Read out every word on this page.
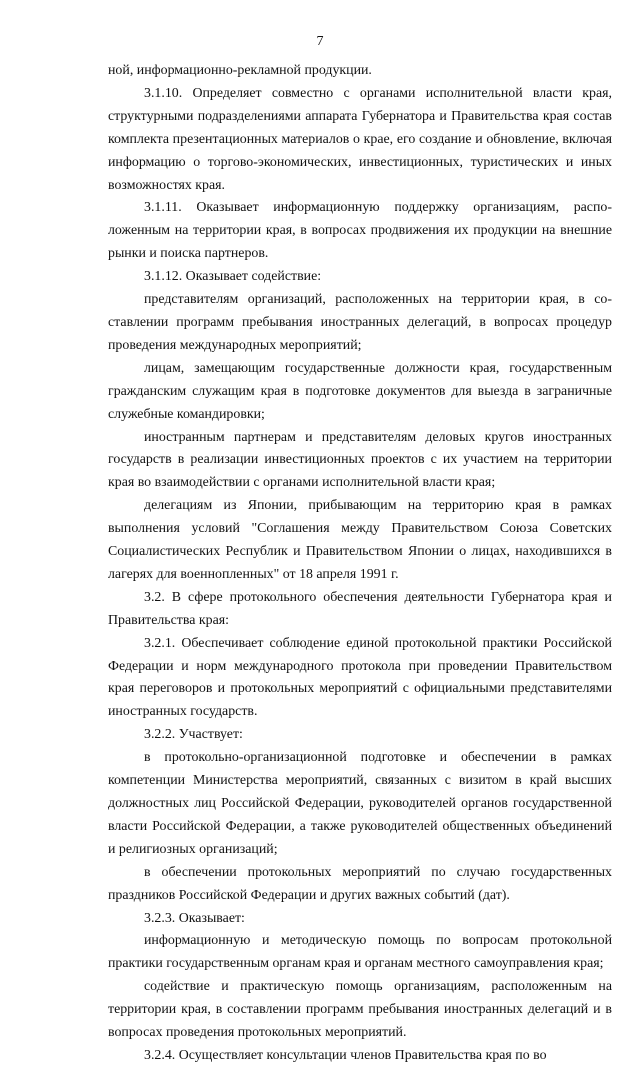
7

ной, информационно-рекламной продукции.

3.1.10. Определяет совместно с органами исполнительной власти края, структурными подразделениями аппарата Губернатора и Правительства края состав комплекта презентационных материалов о крае, его создание и обновление, включая информацию о торгово-экономических, инвестиционных, туристических и иных возможностях края.

3.1.11. Оказывает информационную поддержку организациям, расположенным на территории края, в вопросах продвижения их продукции на внешние рынки и поиска партнеров.

3.1.12. Оказывает содействие:

представителям организаций, расположенных на территории края, в составлении программ пребывания иностранных делегаций, в вопросах процедур проведения международных мероприятий;

лицам, замещающим государственные должности края, государственным гражданским служащим края в подготовке документов для выезда в заграничные служебные командировки;

иностранным партнерам и представителям деловых кругов иностранных государств в реализации инвестиционных проектов с их участием на территории края во взаимодействии с органами исполнительной власти края;

делегациям из Японии, прибывающим на территорию края в рамках выполнения условий "Соглашения между Правительством Союза Советских Социалистических Республик и Правительством Японии о лицах, находившихся в лагерях для военнопленных" от 18 апреля 1991 г.

3.2. В сфере протокольного обеспечения деятельности Губернатора края и Правительства края:

3.2.1. Обеспечивает соблюдение единой протокольной практики Российской Федерации и норм международного протокола при проведении Правительством края переговоров и протокольных мероприятий с официальными представителями иностранных государств.

3.2.2. Участвует:

в протокольно-организационной подготовке и обеспечении в рамках компетенции Министерства мероприятий, связанных с визитом в край высших должностных лиц Российской Федерации, руководителей органов государственной власти Российской Федерации, а также руководителей общественных объединений и религиозных организаций;

в обеспечении протокольных мероприятий по случаю государственных праздников Российской Федерации и других важных событий (дат).

3.2.3. Оказывает:

информационную и методическую помощь по вопросам протокольной практики государственным органам края и органам местного самоуправления края;

содействие и практическую помощь организациям, расположенным на территории края, в составлении программ пребывания иностранных делегаций и в вопросах проведения протокольных мероприятий.

3.2.4. Осуществляет консультации членов Правительства края по во
